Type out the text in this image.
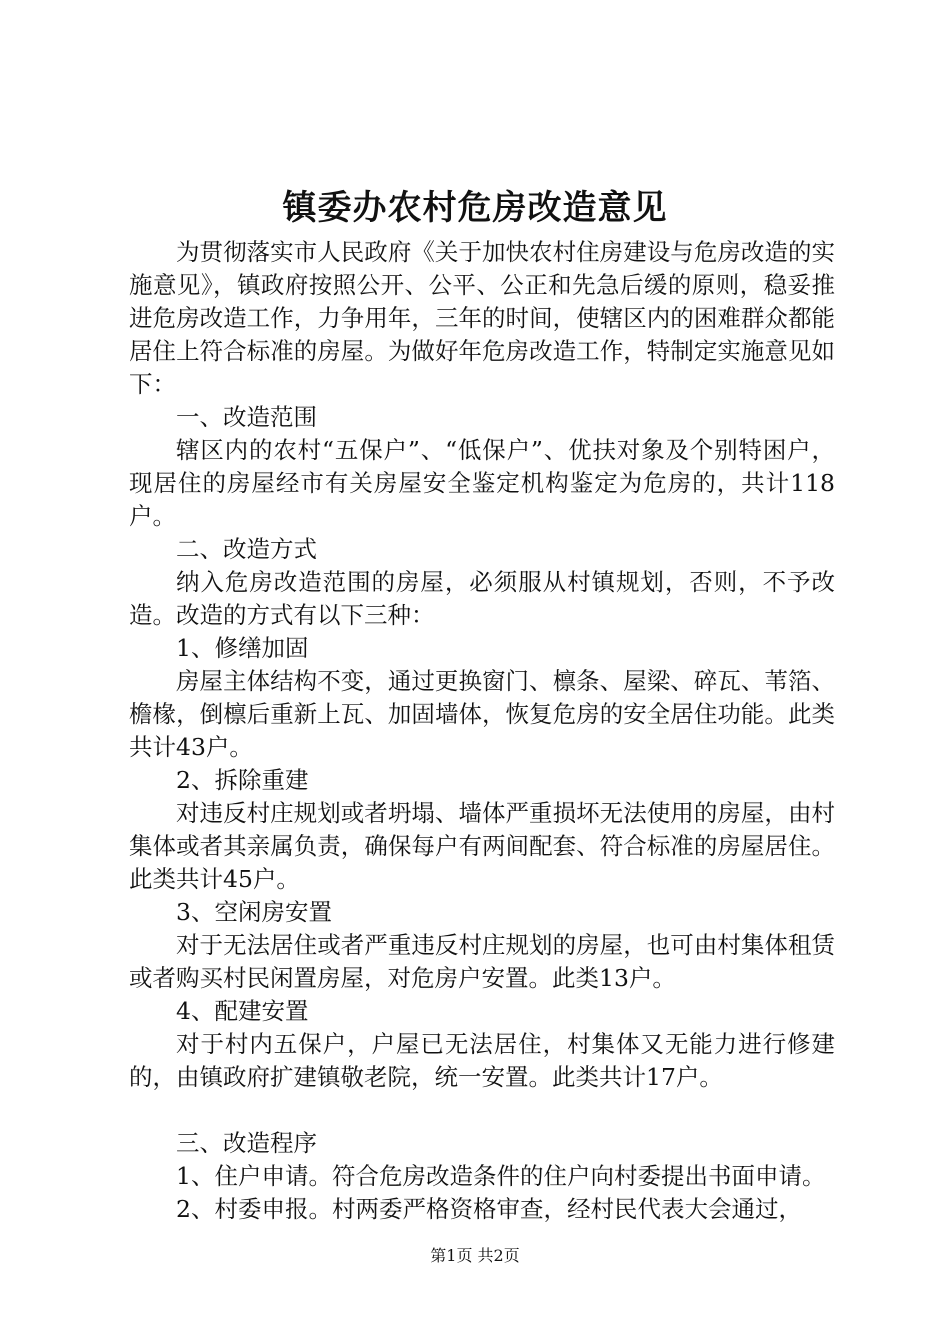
镇委办农村危房改造意见

为贯彻落实市人民政府《关于加快农村住房建设与危房改造的实施意见》，镇政府按照公开、公平、公正和先急后缓的原则，稳妥推进危房改造工作，力争用年，三年的时间，使辖区内的困难群众都能居住上符合标准的房屋。为做好年危房改造工作，特制定实施意见如下：

一、改造范围

辖区内的农村“五保户”、“低保户”、优扶对象及个别特困户，现居住的房屋经市有关房屋安全鉴定机构鉴定为危房的，共计118户。

二、改造方式

纳入危房改造范围的房屋，必须服从村镇规划，否则，不予改造。改造的方式有以下三种：

1、修缮加固

房屋主体结构不变，通过更换窗门、檩条、屋梁、碎瓦、苇箔、檐椽，倒檩后重新上瓦、加固墙体，恢复危房的安全居住功能。此类共计43户。

2、拆除重建

对违反村庄规划或者坍塌、墙体严重损坏无法使用的房屋，由村集体或者其亲属负责，确保每户有两间配套、符合标准的房屋居住。此类共计45户。

3、空闲房安置

对于无法居住或者严重违反村庄规划的房屋，也可由村集体租赁或者购买村民闲置房屋，对危房户安置。此类13户。

4、配建安置

对于村内五保户，户屋已无法居住，村集体又无能力进行修建的，由镇政府扩建镇敬老院，统一安置。此类共计17户。

三、改造程序

1、住户申请。符合危房改造条件的住户向村委提出书面申请。

2、村委申报。村两委严格资格审查，经村民代表大会通过，

第1页 共2页
